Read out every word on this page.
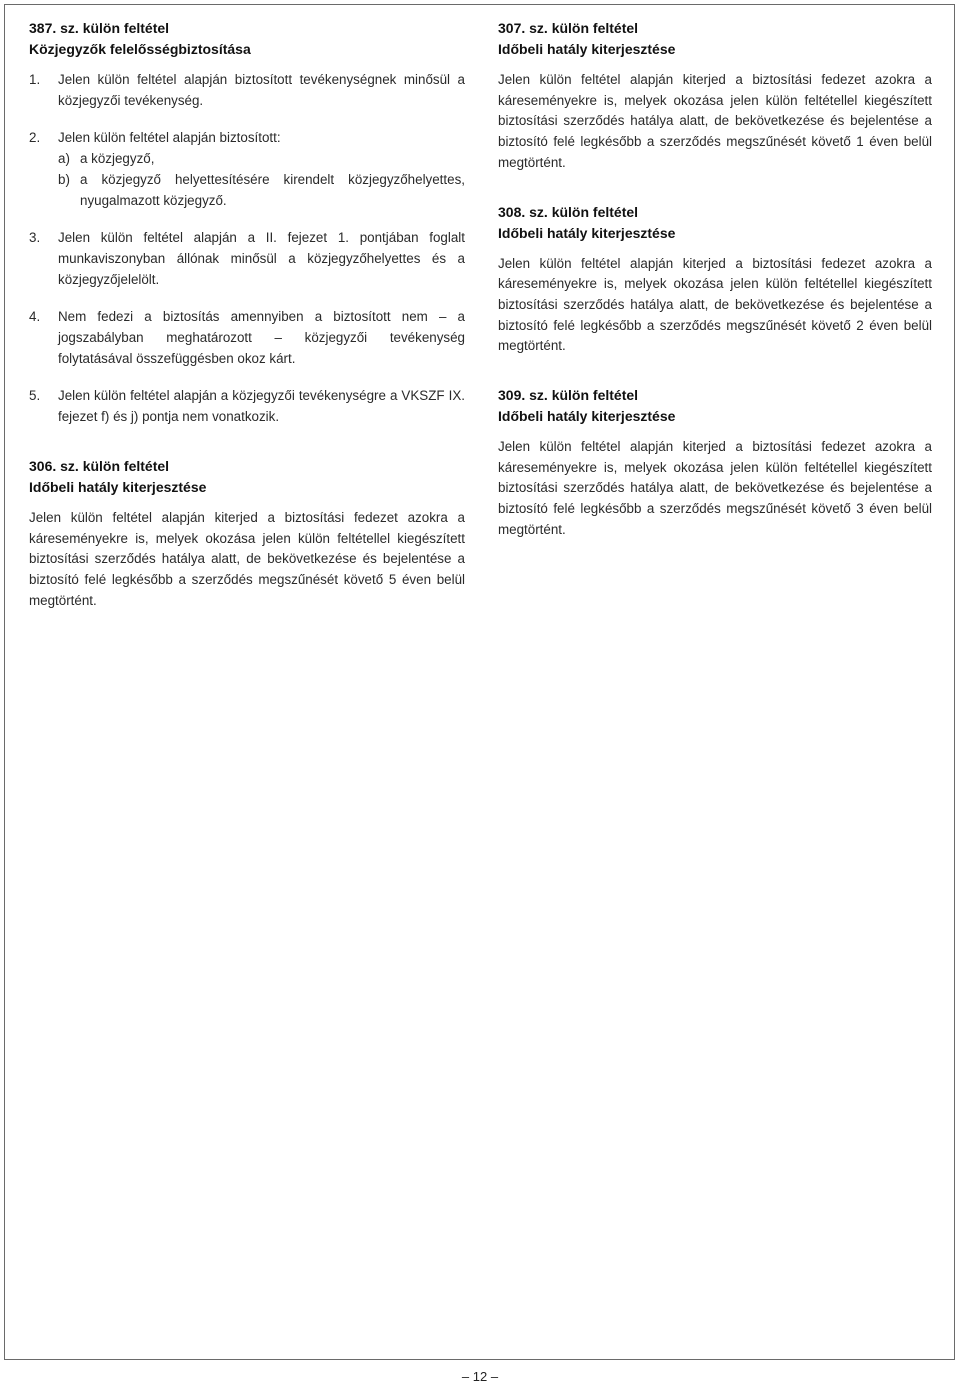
387. sz. külön feltétel
Közjegyzők felelősségbiztosítása
1.	Jelen külön feltétel alapján biztosított tevékenységnek minősül a közjegyzői tevékenység.
2.	Jelen külön feltétel alapján biztosított:
a) a közjegyző,
b) a közjegyző helyettesítésére kirendelt közjegyzőhelyettes, nyugalmazott közjegyző.
3.	Jelen külön feltétel alapján a II. fejezet 1. pontjában foglalt munkaviszonyban állónak minősül a közjegyzőhelyettes és a közjegyzőjelelölt.
4.	Nem fedezi a biztosítás amennyiben a biztosított nem – a jogszabályban meghatározott – közjegyzői tevékenység folytatásával összefüggésben okoz kárt.
5.	Jelen külön feltétel alapján a közjegyzői tevékenységre a VKSZF IX. fejezet f) és j) pontja nem vonatkozik.
306. sz. külön feltétel
Időbeli hatály kiterjesztése

Jelen külön feltétel alapján kiterjed a biztosítási fedezet azokra a káreseményekre is, melyek okozása jelen külön feltétellel kiegészített biztosítási szerződés hatálya alatt, de bekövetkezése és bejelentése a biztosító felé legkésőbb a szerződés megszűnését követő 5 éven belül megtörtént.

307. sz. külön feltétel
Időbeli hatály kiterjesztése

Jelen külön feltétel alapján kiterjed a biztosítási fedezet azokra a káreseményekre is, melyek okozása jelen külön feltétellel kiegészített biztosítási szerződés hatálya alatt, de bekövetkezése és bejelentése a biztosító felé legkésőbb a szerződés megszűnését követő 1 éven belül megtörtént.

308. sz. külön feltétel
Időbeli hatály kiterjesztése

Jelen külön feltétel alapján kiterjed a biztosítási fedezet azokra a káreseményekre is, melyek okozása jelen külön feltétellel kiegészített biztosítási szerződés hatálya alatt, de bekövetkezése és bejelentése a biztosító felé legkésőbb a szerződés megszűnését követő 2 éven belül megtörtént.

309. sz. külön feltétel
Időbeli hatály kiterjesztése

Jelen külön feltétel alapján kiterjed a biztosítási fedezet azokra a káreseményekre is, melyek okozása jelen külön feltétellel kiegészített biztosítási szerződés hatálya alatt, de bekövetkezése és bejelentése a biztosító felé legkésőbb a szerződés megszűnését követő 3 éven belül megtörtént.

– 12 –
